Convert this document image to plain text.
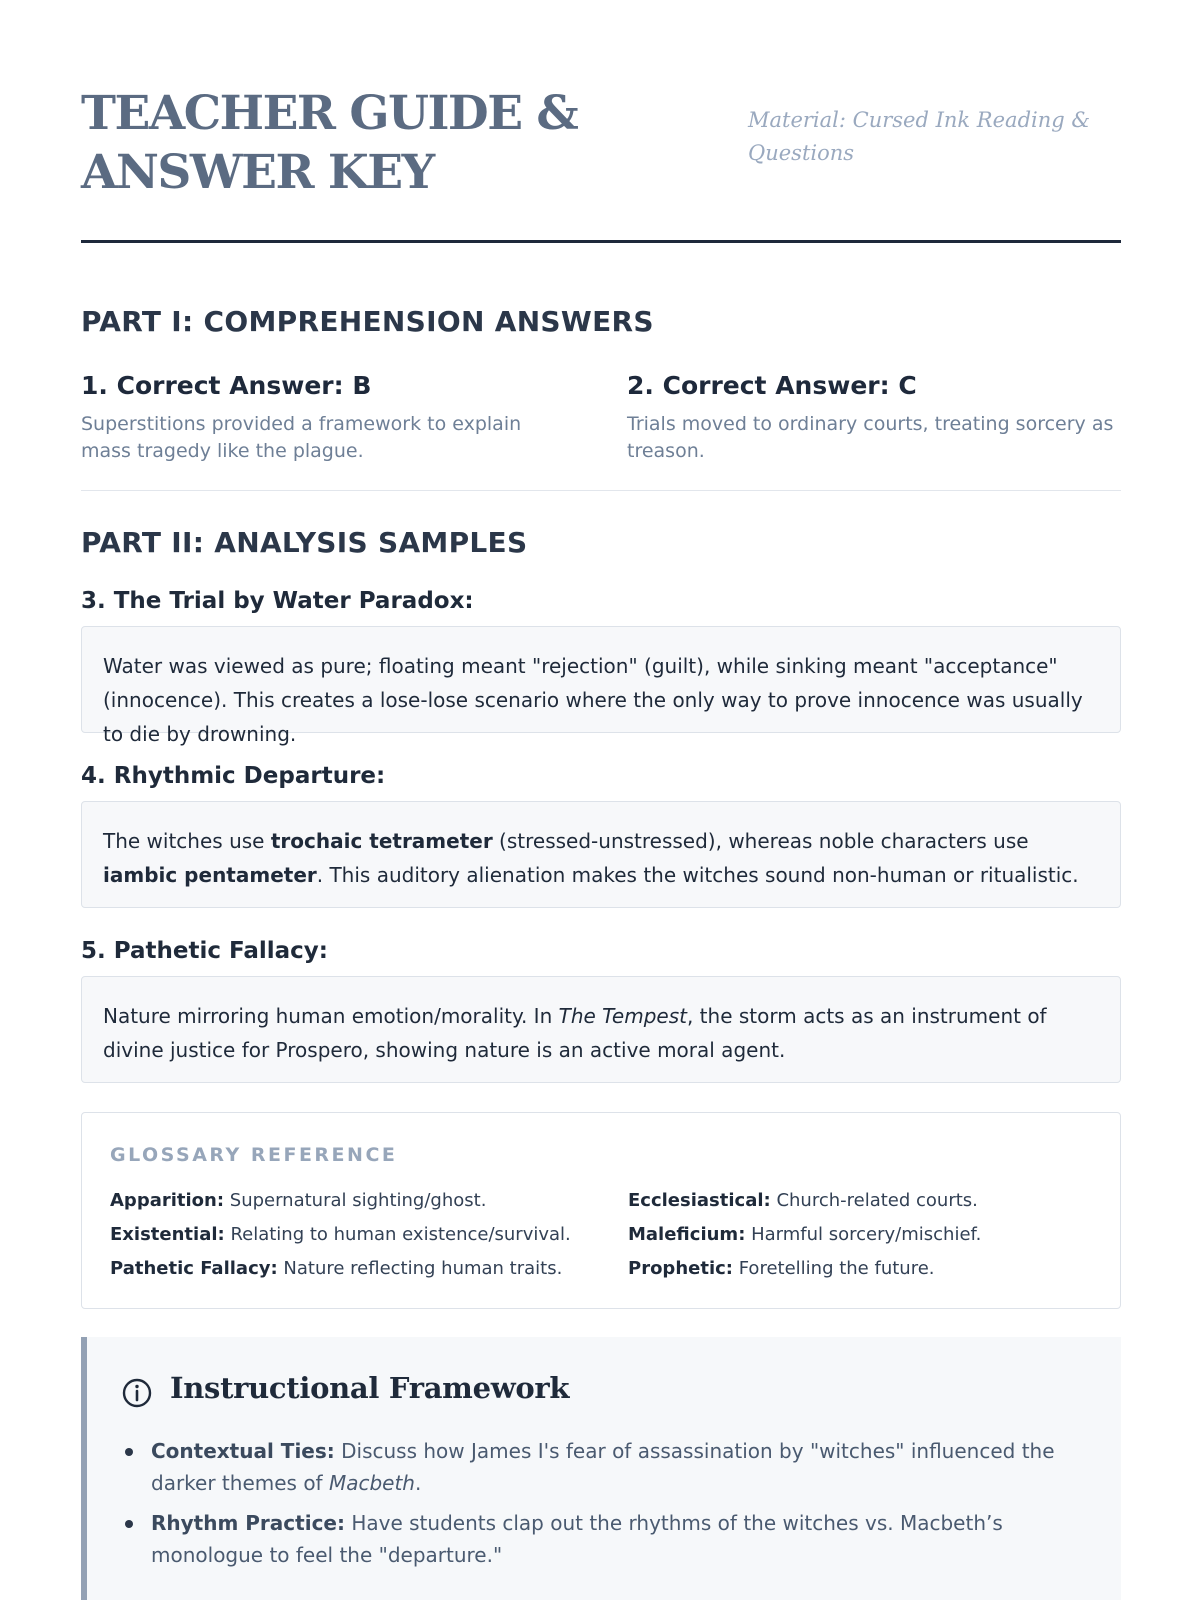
TEACHER GUIDE & ANSWER KEY
Material: Cursed Ink Reading & Questions
PART I: COMPREHENSION ANSWERS
1. Correct Answer: B
Superstitions provided a framework to explain mass tragedy like the plague.
2. Correct Answer: C
Trials moved to ordinary courts, treating sorcery as treason.
PART II: ANALYSIS SAMPLES
3. The Trial by Water Paradox:
Water was viewed as pure; floating meant "rejection" (guilt), while sinking meant "acceptance" (innocence). This creates a lose-lose scenario where the only way to prove innocence was usually to die by drowning.
4. Rhythmic Departure:
The witches use trochaic tetrameter (stressed-unstressed), whereas noble characters use iambic pentameter. This auditory alienation makes the witches sound non-human or ritualistic.
5. Pathetic Fallacy:
Nature mirroring human emotion/morality. In The Tempest, the storm acts as an instrument of divine justice for Prospero, showing nature is an active moral agent.
GLOSSARY REFERENCE
Apparition: Supernatural sighting/ghost.	Ecclesiastical: Church-related courts.
Existential: Relating to human existence/survival.	Maleficium: Harmful sorcery/mischief.
Pathetic Fallacy: Nature reflecting human traits.	Prophetic: Foretelling the future.
Instructional Framework
Contextual Ties: Discuss how James I's fear of assassination by "witches" influenced the darker themes of Macbeth.
Rhythm Practice: Have students clap out the rhythms of the witches vs. Macbeth’s monologue to feel the "departure."
